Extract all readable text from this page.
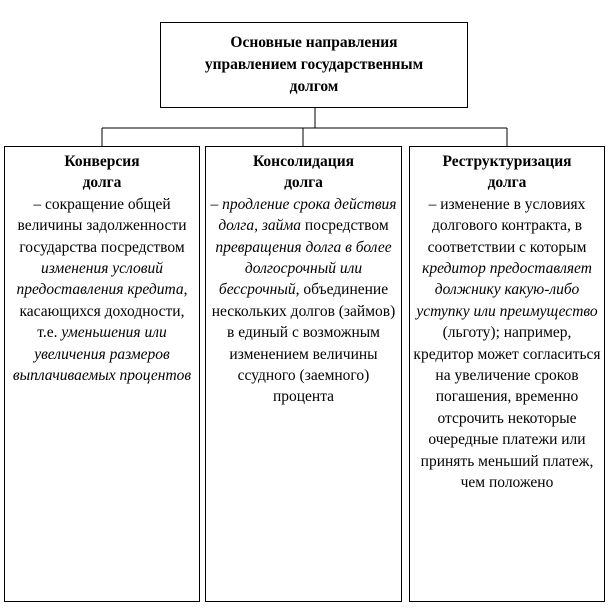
Основные направления
управлением государственным
долгом
Конверсия
долга
– сокращение общей величины задолженности государства посредством изменения условий предоставления кредита, касающихся доходности, т.е. уменьшения или увеличения размеров выплачиваемых процентов
Консолидация
долга
– продление срока действия долга, займа посредством превращения долга в более долгосрочный или бессрочный, объединение нескольких долгов (займов) в единый с возможным изменением величины ссудного (заемного) процента
Реструктуризация
долга
– изменение в условиях долгового контракта, в соответствии с которым кредитор предоставляет должнику какую-либо уступку или преимущество (льготу); например, кредитор может согласиться на увеличение сроков погашения, временно отсрочить некоторые очередные платежи или принять меньший платеж, чем положено
